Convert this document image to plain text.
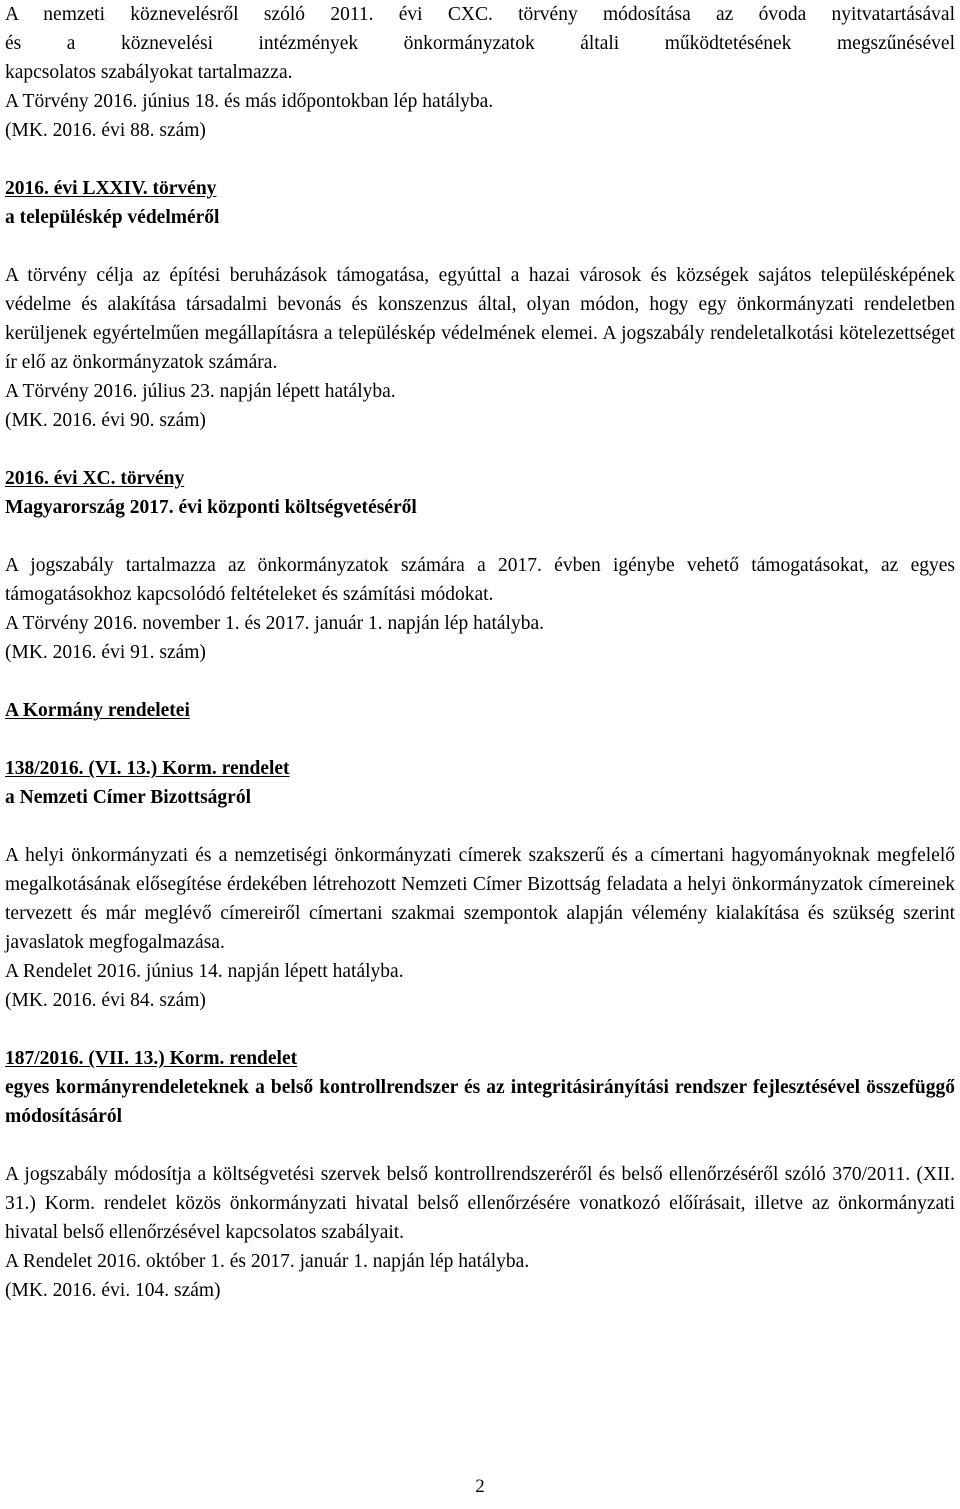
A nemzeti köznevelésről szóló 2011. évi CXC. törvény módosítása az óvoda nyitvatartásával

és a köznevelési intézmények önkormányzatok általi működtetésének megszűnésével

kapcsolatos szabályokat tartalmazza.

A Törvény 2016. június 18. és más időpontokban lép hatályba.

(MK. 2016. évi 88. szám)

2016. évi LXXIV. törvény

a településkép védelméről

A törvény célja az építési beruházások támogatása, egyúttal a hazai városok és községek sajátos településképének védelme és alakítása társadalmi bevonás és konszenzus által, olyan módon, hogy egy önkormányzati rendeletben kerüljenek egyértelműen megállapításra a településkép védelmének elemei. A jogszabály rendeletalkotási kötelezettséget ír elő az önkormányzatok számára.

A Törvény 2016. július 23. napján lépett hatályba.

(MK. 2016. évi 90. szám)

2016. évi XC. törvény

Magyarország 2017. évi központi költségvetéséről

A jogszabály tartalmazza az önkormányzatok számára a 2017. évben igénybe vehető támogatásokat, az egyes támogatásokhoz kapcsolódó feltételeket és számítási módokat.

A Törvény 2016. november 1. és 2017. január 1. napján lép hatályba.

(MK. 2016. évi 91. szám)

A Kormány rendeletei

138/2016. (VI. 13.) Korm. rendelet

a Nemzeti Címer Bizottságról

A helyi önkormányzati és a nemzetiségi önkormányzati címerek szakszerű és a címertani hagyományoknak megfelelő megalkotásának elősegítése érdekében létrehozott Nemzeti Címer Bizottság feladata a helyi önkormányzatok címereinek tervezett és már meglévő címereiről címertani szakmai szempontok alapján vélemény kialakítása és szükség szerint javaslatok megfogalmazása.

A Rendelet 2016. június 14. napján lépett hatályba.

(MK. 2016. évi 84. szám)

187/2016. (VII. 13.) Korm. rendelet

egyes kormányrendeleteknek a belső kontrollrendszer és az integritásirányítási rendszer fejlesztésével összefüggő módosításáról

A jogszabály módosítja a költségvetési szervek belső kontrollrendszeréről és belső ellenőrzéséről szóló 370/2011. (XII. 31.) Korm. rendelet közös önkormányzati hivatal belső ellenőrzésére vonatkozó előírásait, illetve az önkormányzati hivatal belső ellenőrzésével kapcsolatos szabályait.

A Rendelet 2016. október 1. és 2017. január 1. napján lép hatályba.

(MK. 2016. évi. 104. szám)

2
